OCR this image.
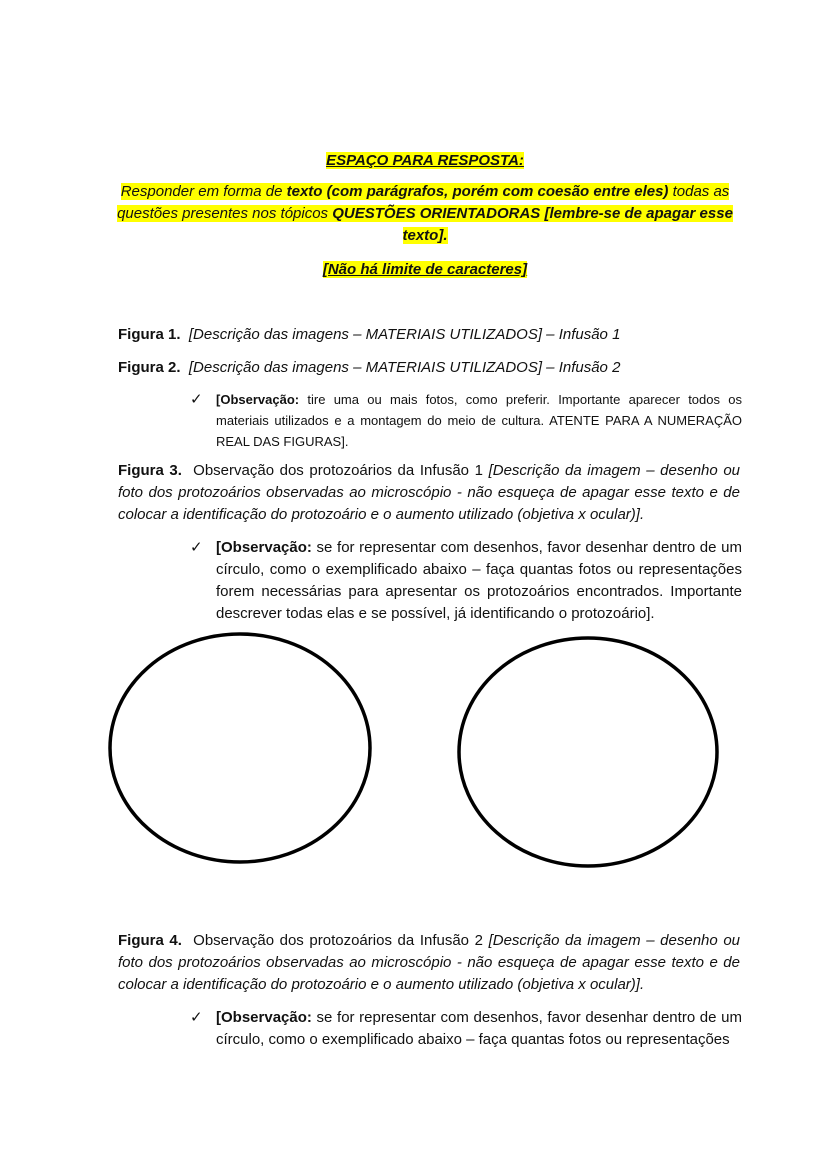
ESPAÇO PARA RESPOSTA:
Responder em forma de texto (com parágrafos, porém com coesão entre eles) todas as questões presentes nos tópicos QUESTÕES ORIENTADORAS [lembre-se de apagar esse texto].
[Não há limite de caracteres]
Figura 1. [Descrição das imagens – MATERIAIS UTILIZADOS] – Infusão 1
Figura 2. [Descrição das imagens – MATERIAIS UTILIZADOS] – Infusão 2
✓	[Observação: tire uma ou mais fotos, como preferir. Importante aparecer todos os materiais utilizados e a montagem do meio de cultura. ATENTE PARA A NUMERAÇÃO REAL DAS FIGURAS].
Figura 3. Observação dos protozoários da Infusão 1 [Descrição da imagem – desenho ou foto dos protozoários observadas ao microscópio - não esqueça de apagar esse texto e de colocar a identificação do protozoário e o aumento utilizado (objetiva x ocular)].
✓ [Observação: se for representar com desenhos, favor desenhar dentro de um círculo, como o exemplificado abaixo – faça quantas fotos ou representações forem necessárias para apresentar os protozoários encontrados. Importante descrever todas elas e se possível, já identificando o protozoário].
Figura 4. Observação dos protozoários da Infusão 2 [Descrição da imagem – desenho ou foto dos protozoários observadas ao microscópio - não esqueça de apagar esse texto e de colocar a identificação do protozoário e o aumento utilizado (objetiva x ocular)].
✓ [Observação: se for representar com desenhos, favor desenhar dentro de um círculo, como o exemplificado abaixo – faça quantas fotos ou representações
